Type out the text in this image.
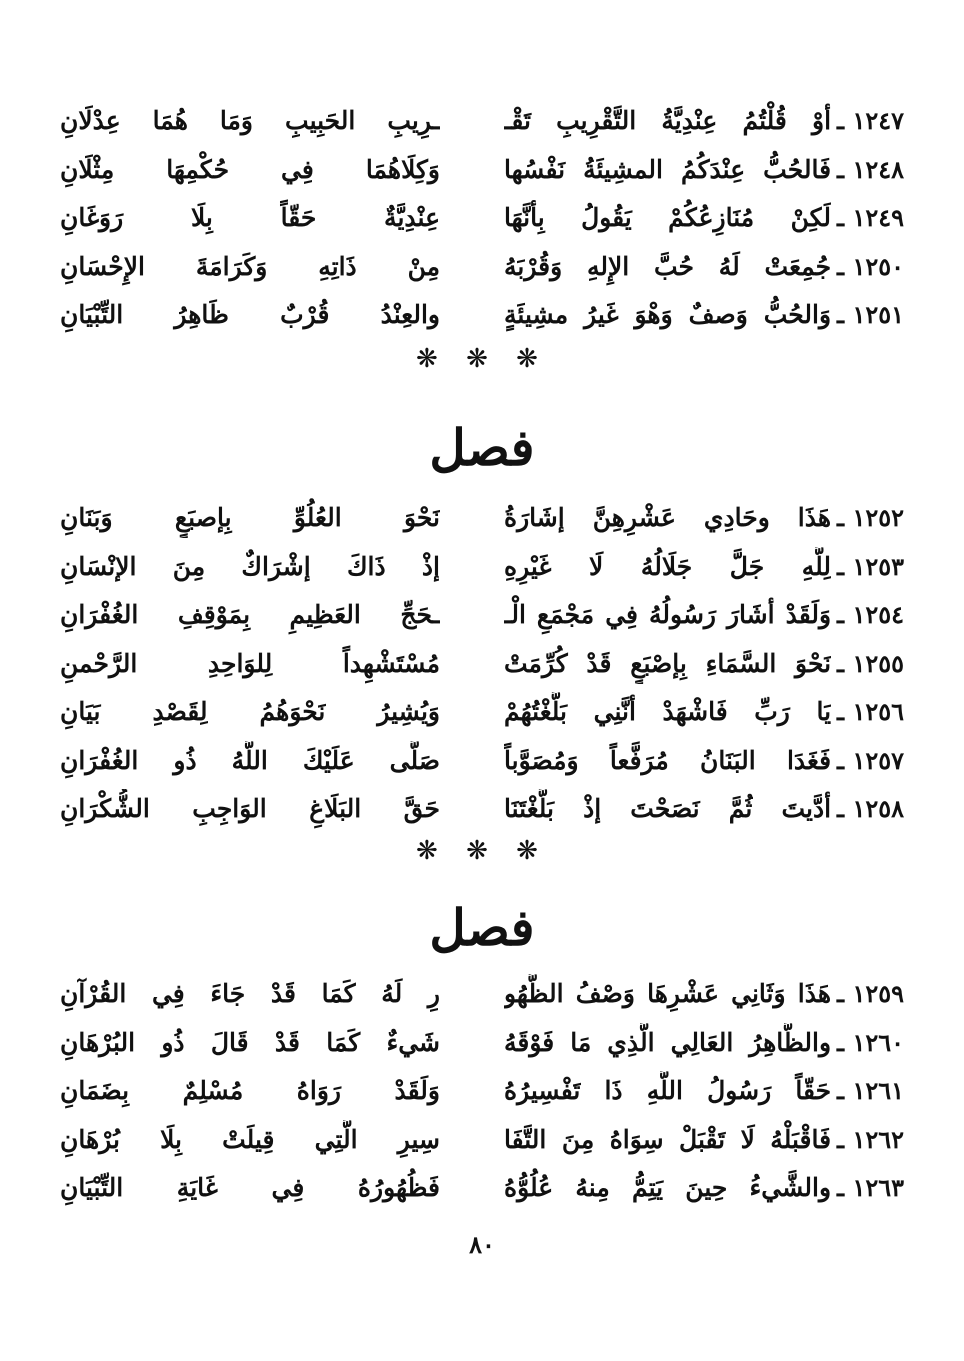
١٢٤٧ ـ
أوْ قُلْتُمُ عِنْدِيَّةُ التَّقْرِيبِ تَقْـ
ـرِيبِ الحَبِيبِ وَمَا هُمَا عِدْلَانِ
١٢٤٨ ـ
فَالحُبُّ عِنْدَكُمُ المشِيئَةُ نَفْسُها
وَكِلَاهُمَا فِي حُكْمِهَا مِثْلَانِ
١٢٤٩ ـ
لَكِنْ مُنَازِعُكُمْ يَقُولُ بِأنَّهَا
عِنْدِيَّةٌ حَقّاً بِلَا رَوَغَانِ
١٢٥٠ ـ
جُمِعَتْ لَهُ حُبَّ الإِلهِ وَقُرْبَهُ
مِنْ ذَاتِهِ وَكَرَامَةَ الإِحْسَانِ
١٢٥١ ـ
وَالحُبُّ وَصفٌ وَهْوَ غَيرُ مشِيئَةٍ
والعِنْدُ قُرْبٌ ظَاهِرُ التِّبْيَانِ
❋ ❋ ❋
فصل
١٢٥٢ ـ
هَذَا وحَادِي عَشْرِهِنَّ إشَارَةُ
نَحْوَ العُلُوِّ بِإصبَعٍ وَبَنَانِ
١٢٥٣ ـ
لِلَّهِ جَلَّ جَلَالُهُ لَا غَيْرِهِ
إذْ ذَاكَ إشْرَاكٌ مِنَ الإنْسَانِ
١٢٥٤ ـ
وَلَقَدْ أشَارَ رَسُولُهُ فِي مَجْمَعِ الْـ
ـحَجِّ العَظِيمِ بِمَوْقِفِ الغُفْرَانِ
١٢٥٥ ـ
نَحْوَ السَّمَاءِ بِإصْبَعٍ قَدْ كُرِّمَتْ
مُسْتَشْهِداً لِلوَاحِدِ الرَّحْمنِ
١٢٥٦ ـ
يَا رَبِّ فَاشْهَدْ أنَّنِي بَلَّغْتُهُمْ
وَيُشِيرُ نَحْوَهُمُ لِقَصْدِ بَيَانِ
١٢٥٧ ـ
فَغَدَا البَنَانُ مُرَفَّعاً وَمُصَوَّباً
صَلَّى عَلَيْكَ اللَّهُ ذُو الغُفْرَانِ
١٢٥٨ ـ
أدَّيتَ ثُمَّ نَصَحْتَ إذْ بَلَّغْتَنَا
حَقَّ البَلَاغِ الوَاجِبِ الشُّكْرَانِ
❋ ❋ ❋
فصل
١٢٥٩ ـ
هَذَا وَثَانِي عَشْرِهَا وَصْفُ الظُّهُو
رِ لَهُ كَمَا قَدْ جَاءَ فِي القُرْآنِ
١٢٦٠ ـ
والظَّاهِرُ العَالِي الَّذِي مَا فَوْقَهُ
شَيءٌ كَمَا قَدْ قَالَ ذُو البُرْهَانِ
١٢٦١ ـ
حَقّاً رَسُولُ اللَّهِ ذَا تَفْسِيرُهُ
وَلَقَدْ رَوَاهُ مُسْلِمٌ بِضَمَانِ
١٢٦٢ ـ
فَاقْبَلْهُ لَا تَقْبَلْ سِوَاهُ مِنَ التَّفَا
سِيرِ الَّتِي قِيلَتْ بِلَا بُرْهَانِ
١٢٦٣ ـ
والشَّيءُ حِينَ يَتِمُّ مِنهُ عُلُوُّهُ
فَظُهُورُهُ فِي غَايَةِ التِّبْيَانِ
٨٠
